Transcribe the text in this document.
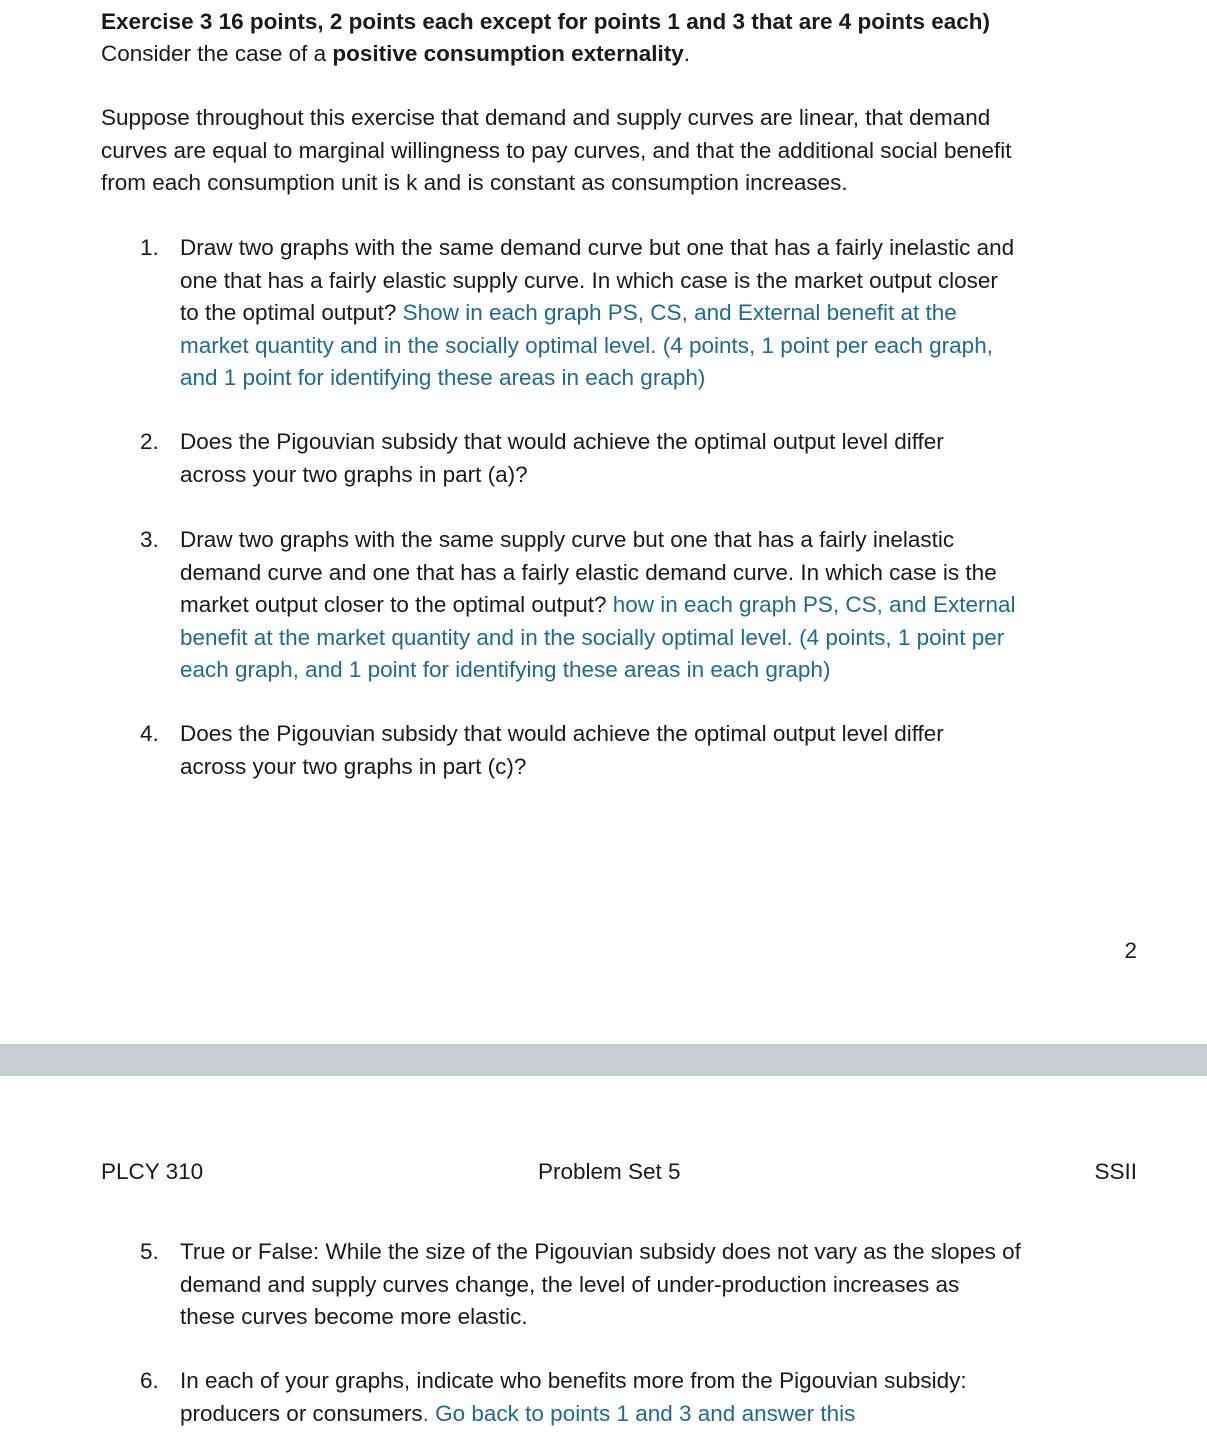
Exercise 3 16 points, 2 points each except for points 1 and 3 that are 4 points each)
Consider the case of a positive consumption externality.
Suppose throughout this exercise that demand and supply curves are linear, that demand
curves are equal to marginal willingness to pay curves, and that the additional social benefit
from each consumption unit is k and is constant as consumption increases.
1. Draw two graphs with the same demand curve but one that has a fairly inelastic and
one that has a fairly elastic supply curve. In which case is the market output closer
to the optimal output? Show in each graph PS, CS, and External benefit at the
market quantity and in the socially optimal level. (4 points, 1 point per each graph,
and 1 point for identifying these areas in each graph)
2. Does the Pigouvian subsidy that would achieve the optimal output level differ
across your two graphs in part (a)?
3. Draw two graphs with the same supply curve but one that has a fairly inelastic
demand curve and one that has a fairly elastic demand curve. In which case is the
market output closer to the optimal output? how in each graph PS, CS, and External
benefit at the market quantity and in the socially optimal level. (4 points, 1 point per
each graph, and 1 point for identifying these areas in each graph)
4. Does the Pigouvian subsidy that would achieve the optimal output level differ
across your two graphs in part (c)?
2
PLCY 310	Problem Set 5	SSII
5. True or False: While the size of the Pigouvian subsidy does not vary as the slopes of
demand and supply curves change, the level of under-production increases as
these curves become more elastic.
6. In each of your graphs, indicate who benefits more from the Pigouvian subsidy:
producers or consumers. Go back to points 1 and 3 and answer this
